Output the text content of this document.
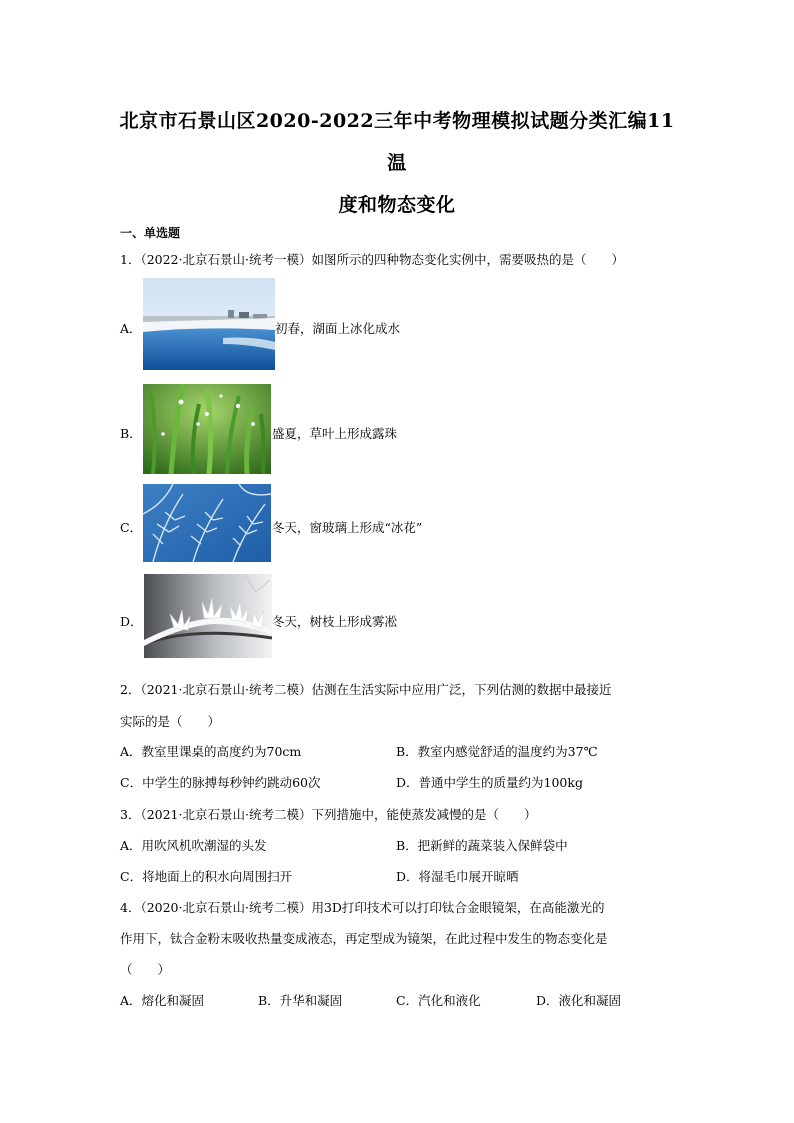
北京市石景山区2020-2022三年中考物理模拟试题分类汇编11温
度和物态变化
一、单选题
1．（2022·北京石景山·统考一模）如图所示的四种物态变化实例中，需要吸热的是（　　）
A．	初春，湖面上冰化成水
B．	盛夏，草叶上形成露珠
C．	冬天，窗玻璃上形成“冰花”
D．	冬天，树枝上形成雾凇
2．（2021·北京石景山·统考二模）估测在生活实际中应用广泛，下列估测的数据中最接近
实际的是（　　）
A．教室里课桌的高度约为70cm	B．教室内感觉舒适的温度约为37℃
C．中学生的脉搏每秒钟约跳动60次	D．普通中学生的质量约为100kg
3．（2021·北京石景山·统考二模）下列措施中，能使蒸发减慢的是（　　）
A．用吹风机吹潮湿的头发	B．把新鲜的蔬菜装入保鲜袋中
C．将地面上的积水向周围扫开	D．将湿毛巾展开晾晒
4．（2020·北京石景山·统考二模）用3D打印技术可以打印钛合金眼镜架，在高能激光的
作用下，钛合金粉末吸收热量变成液态，再定型成为镜架，在此过程中发生的物态变化是
（　　）
A．熔化和凝固	B．升华和凝固	C．汽化和液化	D．液化和凝固
